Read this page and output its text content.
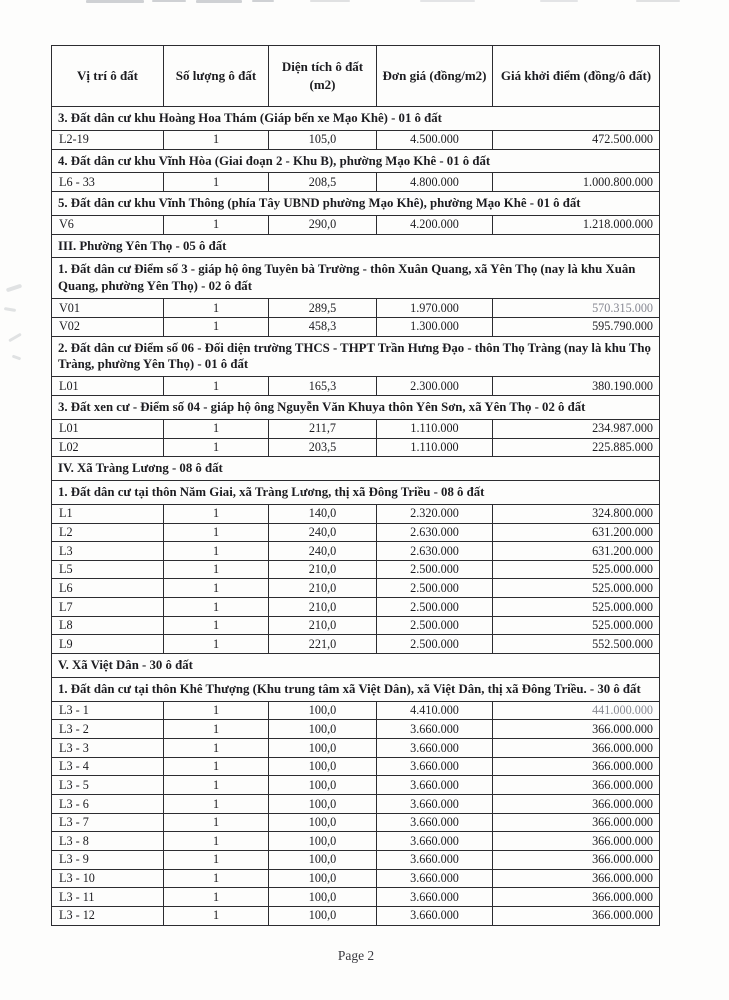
Vị trí ô đất	Số lượng ô đất	Diện tích ô đất (m2)	Đơn giá (đồng/m2)	Giá khởi điểm (đồng/ô đất)
3. Đất dân cư khu Hoàng Hoa Thám (Giáp bến xe Mạo Khê) - 01 ô đất				
L2-19	1	105,0	4.500.000	472.500.000
4. Đất dân cư khu Vĩnh Hòa (Giai đoạn 2 - Khu B), phường Mạo Khê - 01 ô đất				
L6 - 33	1	208,5	4.800.000	1.000.800.000
5. Đất dân cư khu Vĩnh Thông (phía Tây UBND phường Mạo Khê), phường Mạo Khê - 01 ô đất				
V6	1	290,0	4.200.000	1.218.000.000
III. Phường Yên Thọ - 05 ô đất				
1. Đất dân cư Điểm số 3 - giáp hộ ông Tuyên bà Trường - thôn Xuân Quang, xã Yên Thọ (nay là khu Xuân Quang, phường Yên Thọ) - 02 ô đất				
V01	1	289,5	1.970.000	570.315.000
V02	1	458,3	1.300.000	595.790.000
2. Đất dân cư Điểm số 06 - Đối diện trường THCS - THPT Trần Hưng Đạo - thôn Thọ Tràng (nay là khu Thọ Tràng, phường Yên Thọ) - 01 ô đất				
L01	1	165,3	2.300.000	380.190.000
3. Đất xen cư - Điểm số 04 - giáp hộ ông Nguyễn Văn Khuya thôn Yên Sơn, xã Yên Thọ - 02 ô đất				
L01	1	211,7	1.110.000	234.987.000
L02	1	203,5	1.110.000	225.885.000
IV. Xã Tràng Lương - 08 ô đất				
1. Đất dân cư tại thôn Năm Giai, xã Tràng Lương, thị xã Đông Triều - 08 ô đất				
L1	1	140,0	2.320.000	324.800.000
L2	1	240,0	2.630.000	631.200.000
L3	1	240,0	2.630.000	631.200.000
L5	1	210,0	2.500.000	525.000.000
L6	1	210,0	2.500.000	525.000.000
L7	1	210,0	2.500.000	525.000.000
L8	1	210,0	2.500.000	525.000.000
L9	1	221,0	2.500.000	552.500.000
V. Xã Việt Dân - 30 ô đất				
1. Đất dân cư tại thôn Khê Thượng (Khu trung tâm xã Việt Dân), xã Việt Dân, thị xã Đông Triều. - 30 ô đất				
L3 - 1	1	100,0	4.410.000	441.000.000
L3 - 2	1	100,0	3.660.000	366.000.000
L3 - 3	1	100,0	3.660.000	366.000.000
L3 - 4	1	100,0	3.660.000	366.000.000
L3 - 5	1	100,0	3.660.000	366.000.000
L3 - 6	1	100,0	3.660.000	366.000.000
L3 - 7	1	100,0	3.660.000	366.000.000
L3 - 8	1	100,0	3.660.000	366.000.000
L3 - 9	1	100,0	3.660.000	366.000.000
L3 - 10	1	100,0	3.660.000	366.000.000
L3 - 11	1	100,0	3.660.000	366.000.000
L3 - 12	1	100,0	3.660.000	366.000.000
Page 2
